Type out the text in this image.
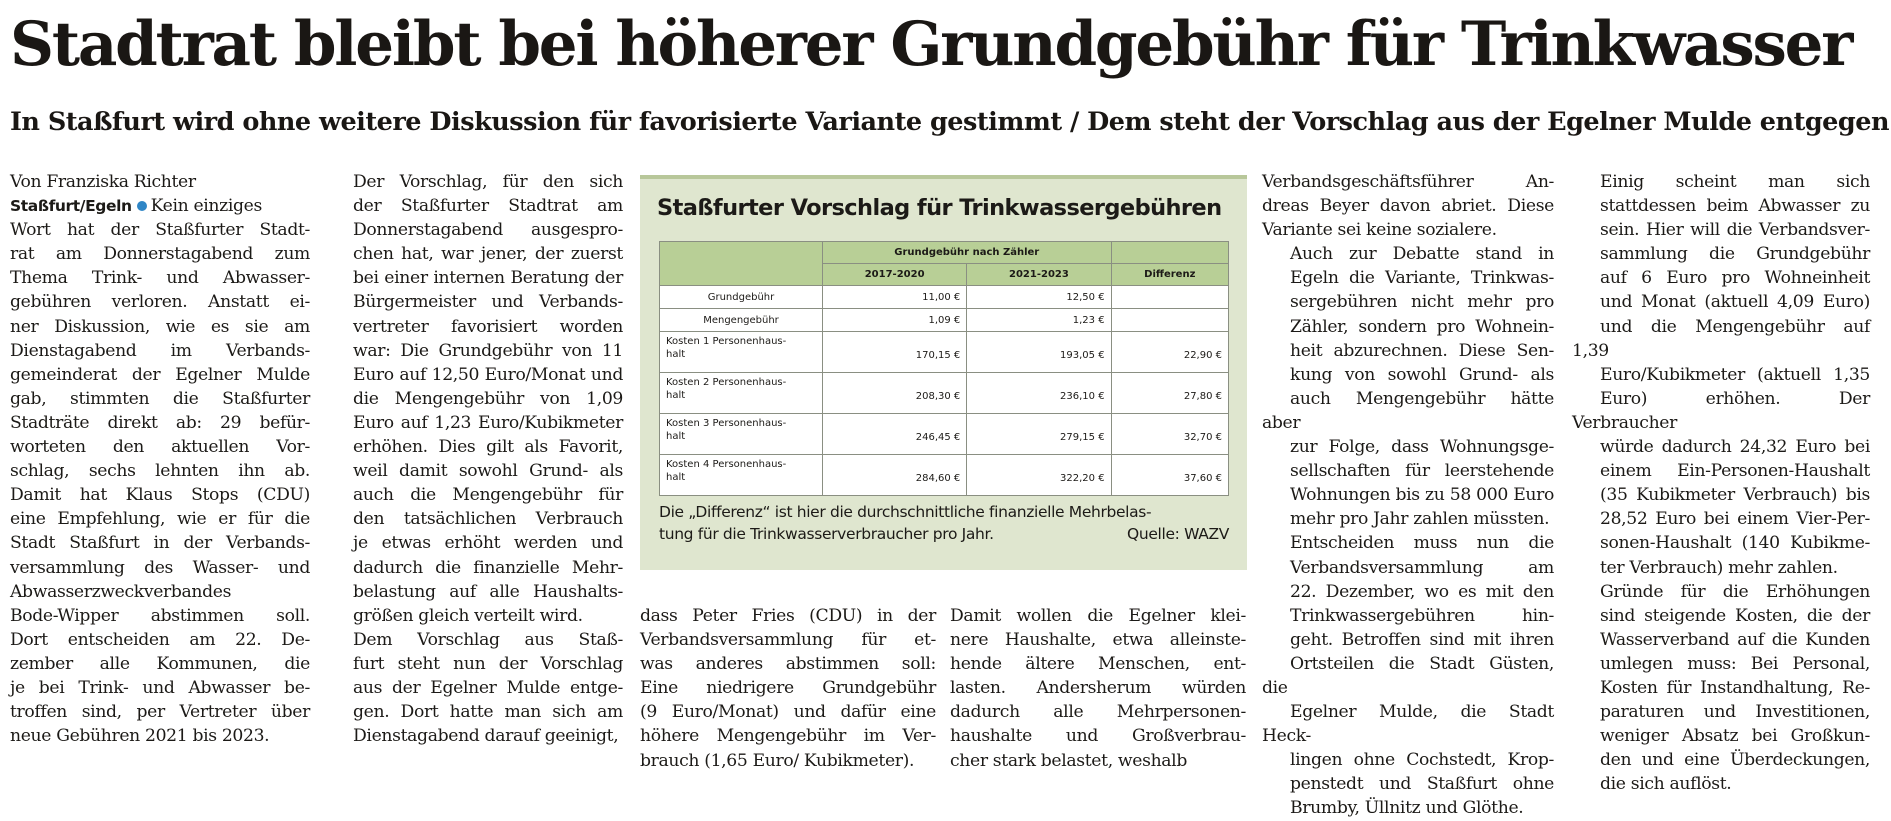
Stadtrat bleibt bei höherer Grundgebühr für Trinkwasser
In Staßfurt wird ohne weitere Diskussion für favorisierte Variante gestimmt / Dem steht der Vorschlag aus der Egelner Mulde entgegen
Von Franziska Richter

Staßfurt/Egeln Kein einziges
Wort hat der Staßfurter Stadt-
rat am Donnerstagabend zum
Thema Trink- und Abwasser-
gebühren verloren. Anstatt ei-
ner Diskussion, wie es sie am
Dienstagabend im Verbands-
gemeinderat der Egelner Mulde
gab, stimmten die Staßfurter
Stadträte direkt ab: 29 befür-
worteten den aktuellen Vor-
schlag, sechs lehnten ihn ab.
Damit hat Klaus Stops (CDU)
eine Empfehlung, wie er für die
Stadt Staßfurt in der Verbands-
versammlung des Wasser- und
Abwasserzweckverbandes
Bode-Wipper abstimmen soll.
Dort entscheiden am 22. De-
zember alle Kommunen, die
je bei Trink- und Abwasser be-
troffen sind, per Vertreter über
neue Gebühren 2021 bis 2023.

Der Vorschlag, für den sich
der Staßfurter Stadtrat am
Donnerstagabend ausgespro-
chen hat, war jener, der zuerst
bei einer internen Beratung der
Bürgermeister und Verbands-
vertreter favorisiert worden
war: Die Grundgebühr von 11
Euro auf 12,50 Euro/Monat und
die Mengengebühr von 1,09
Euro auf 1,23 Euro/Kubikmeter
erhöhen. Dies gilt als Favorit,
weil damit sowohl Grund- als
auch die Mengengebühr für
den tatsächlichen Verbrauch
je etwas erhöht werden und
dadurch die finanzielle Mehr-
belastung auf alle Haushalts-
größen gleich verteilt wird.

Dem Vorschlag aus Staß-
furt steht nun der Vorschlag
aus der Egelner Mulde entge-
gen. Dort hatte man sich am
Dienstagabend darauf geeinigt,

Staßfurter Vorschlag für Trinkwassergebühren
	Grundgebühr nach Zähler		
	2017-2020	2021-2023	Differenz
Grundgebühr	11,00 €	12,50 €	
Mengengebühr	1,09 €	1,23 €	
Kosten 1 Personenhaus-
halt	170,15 €	193,05 €	22,90 €
Kosten 2 Personenhaus-
halt	208,30 €	236,10 €	27,80 €
Kosten 3 Personenhaus-
halt	246,45 €	279,15 €	32,70 €
Kosten 4 Personenhaus-
halt	284,60 €	322,20 €	37,60 €
Die „Differenz“ ist hier die durchschnittliche finanzielle Mehrbelas-
tung für die Trinkwasserverbraucher pro Jahr.	Quelle: WAZV

dass Peter Fries (CDU) in der
Verbandsversammlung für et-
was anderes abstimmen soll:
Eine niedrigere Grundgebühr
(9 Euro/Monat) und dafür eine
höhere Mengengebühr im Ver-
brauch (1,65 Euro/ Kubikmeter).

Damit wollen die Egelner klei-
nere Haushalte, etwa alleinste-
hende ältere Menschen, ent-
lasten. Andersherum würden
dadurch alle Mehrpersonen-
haushalte und Großverbrau-
cher stark belastet, weshalb

Verbandsgeschäftsführer An-
dreas Beyer davon abriet. Diese
Variante sei keine sozialere.

Auch zur Debatte stand in
Egeln die Variante, Trinkwas-
sergebühren nicht mehr pro
Zähler, sondern pro Wohnein-
heit abzurechnen. Diese Sen-
kung von sowohl Grund- als
auch Mengengebühr hätte aber
zur Folge, dass Wohnungsge-
sellschaften für leerstehende
Wohnungen bis zu 58 000 Euro
mehr pro Jahr zahlen müssten.

Entscheiden muss nun die
Verbandsversammlung am
22. Dezember, wo es mit den
Trinkwassergebühren hin-
geht. Betroffen sind mit ihren
Ortsteilen die Stadt Güsten, die
Egelner Mulde, die Stadt Heck-
lingen ohne Cochstedt, Krop-
penstedt und Staßfurt ohne
Brumby, Üllnitz und Glöthe.

Einig scheint man sich
stattdessen beim Abwasser zu
sein. Hier will die Verbandsver-
sammlung die Grundgebühr
auf 6 Euro pro Wohneinheit
und Monat (aktuell 4,09 Euro)
und die Mengengebühr auf 1,39
Euro/Kubikmeter (aktuell 1,35
Euro) erhöhen. Der Verbraucher
würde dadurch 24,32 Euro bei
einem Ein-Personen-Haushalt
(35 Kubikmeter Verbrauch) bis
28,52 Euro bei einem Vier-Per-
sonen-Haushalt (140 Kubikme-
ter Verbrauch) mehr zahlen.

Gründe für die Erhöhungen
sind steigende Kosten, die der
Wasserverband auf die Kunden
umlegen muss: Bei Personal,
Kosten für Instandhaltung, Re-
paraturen und Investitionen,
weniger Absatz bei Großkun-
den und eine Überdeckungen,
die sich auflöst.
